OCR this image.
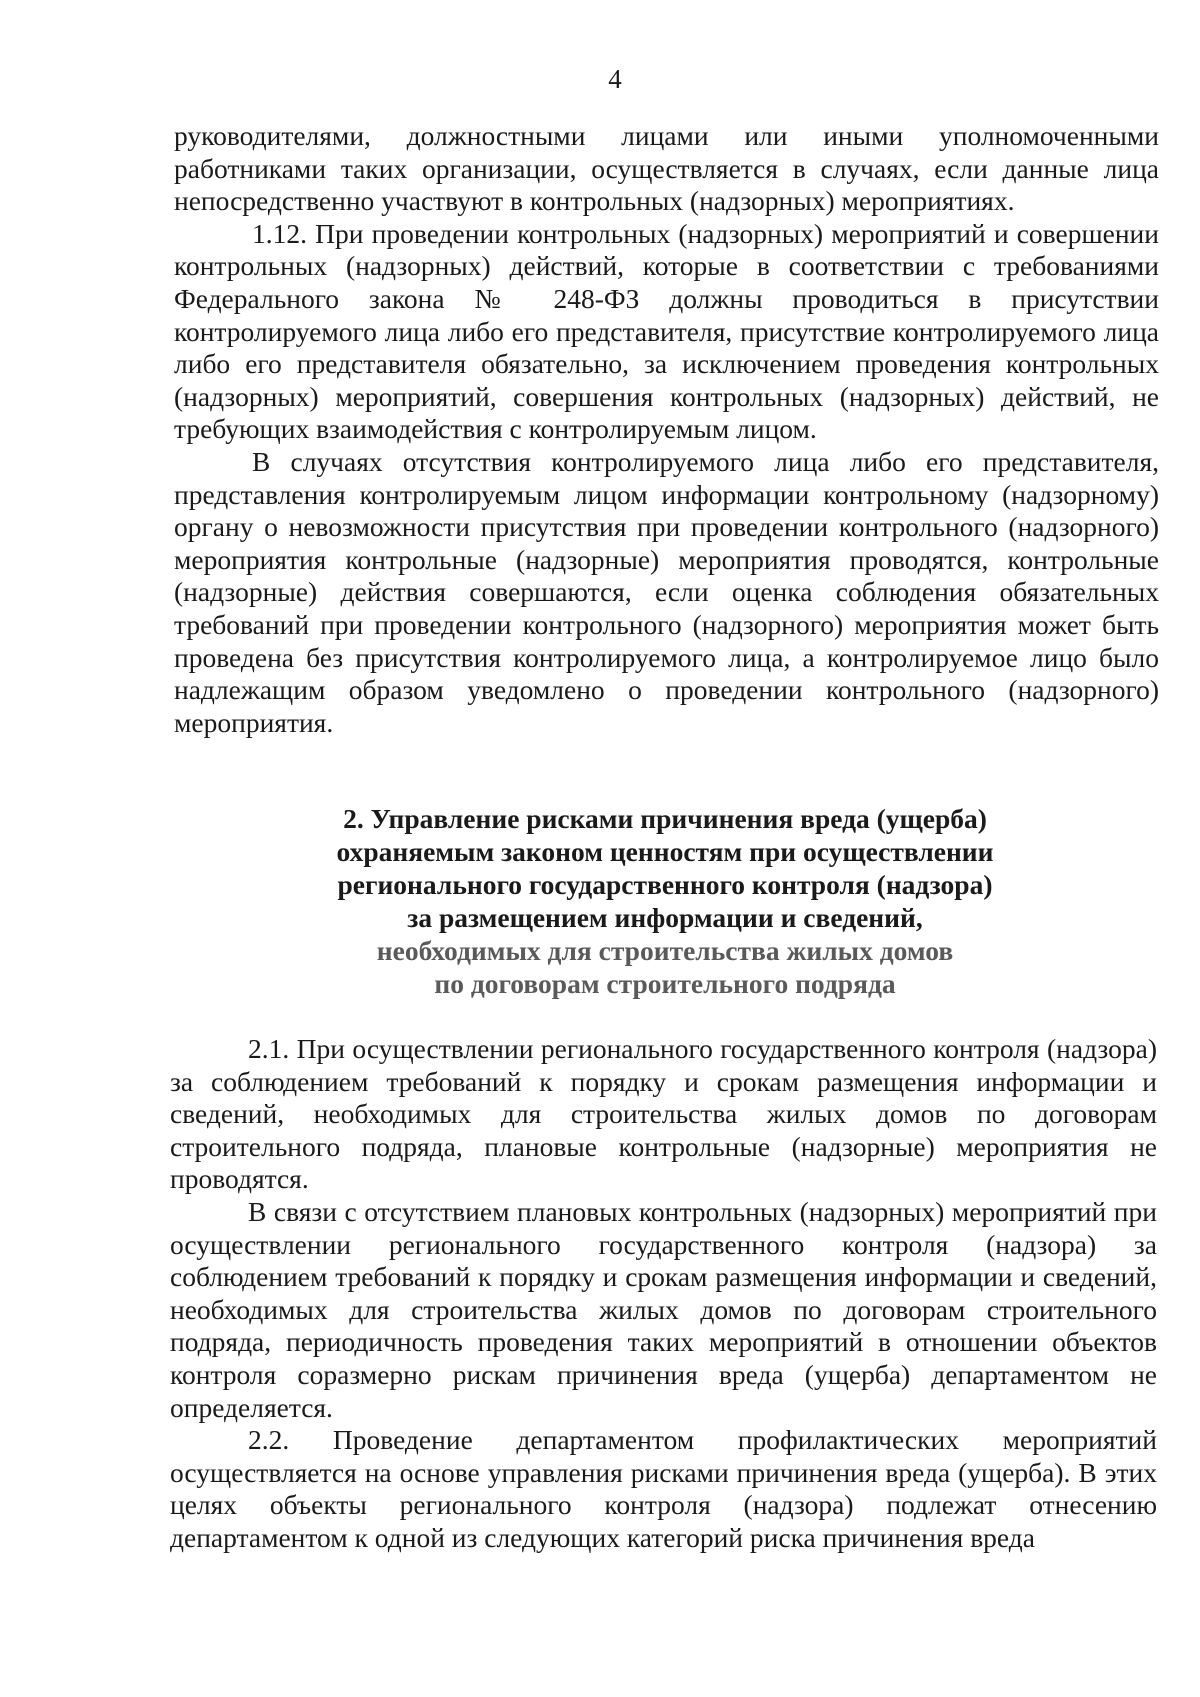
4

руководителями, должностными лицами или иными уполномоченными работниками таких организации, осуществляется в случаях, если данные лица непосредственно участвуют в контрольных (надзорных) мероприятиях.

1.12. При проведении контрольных (надзорных) мероприятий и совершении контрольных (надзорных) действий, которые в соответствии с требованиями Федерального закона № 248-ФЗ должны проводиться в присутствии контролируемого лица либо его представителя, присутствие контролируемого лица либо его представителя обязательно, за исключением проведения контрольных (надзорных) мероприятий, совершения контрольных (надзорных) действий, не требующих взаимодействия с контролируемым лицом.

В случаях отсутствия контролируемого лица либо его представителя, представления контролируемым лицом информации контрольному (надзорному) органу о невозможности присутствия при проведении контрольного (надзорного) мероприятия контрольные (надзорные) мероприятия проводятся, контрольные (надзорные) действия совершаются, если оценка соблюдения обязательных требований при проведении контрольного (надзорного) мероприятия может быть проведена без присутствия контролируемого лица, а контролируемое лицо было надлежащим образом уведомлено о проведении контрольного (надзорного) мероприятия.

2. Управление рисками причинения вреда (ущерба)
охраняемым законом ценностям при осуществлении
регионального государственного контроля (надзора)
за размещением информации и сведений,
необходимых для строительства жилых домов
по договорам строительного подряда

2.1. При осуществлении регионального государственного контроля (надзора) за соблюдением требований к порядку и срокам размещения информации и сведений, необходимых для строительства жилых домов по договорам строительного подряда, плановые контрольные (надзорные) мероприятия не проводятся.

В связи с отсутствием плановых контрольных (надзорных) мероприятий при осуществлении регионального государственного контроля (надзора) за соблюдением требований к порядку и срокам размещения информации и сведений, необходимых для строительства жилых домов по договорам строительного подряда, периодичность проведения таких мероприятий в отношении объектов контроля соразмерно рискам причинения вреда (ущерба) департаментом не определяется.

2.2. Проведение департаментом профилактических мероприятий осуществляется на основе управления рисками причинения вреда (ущерба). В этих целях объекты регионального контроля (надзора) подлежат отнесению департаментом к одной из следующих категорий риска причинения вреда
